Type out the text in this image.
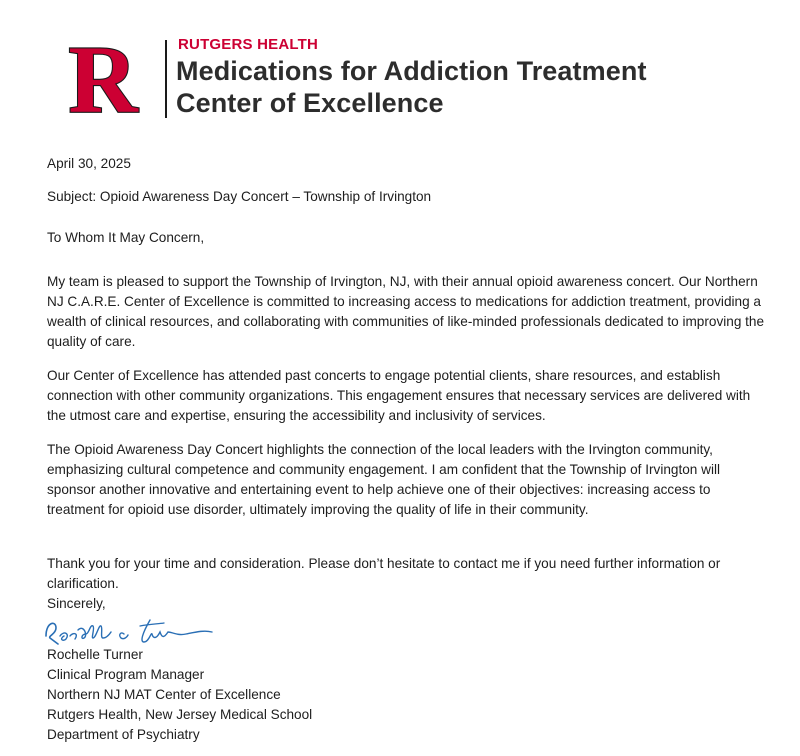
R	RUTGERS HEALTH
Medications for Addiction Treatment
Center of Excellence
April 30, 2025
Subject: Opioid Awareness Day Concert – Township of Irvington
To Whom It May Concern,

My team is pleased to support the Township of Irvington, NJ, with their annual opioid awareness concert. Our Northern NJ C.A.R.E. Center of Excellence is committed to increasing access to medications for addiction treatment, providing a wealth of clinical resources, and collaborating with communities of like-minded professionals dedicated to improving the quality of care.

Our Center of Excellence has attended past concerts to engage potential clients, share resources, and establish connection with other community organizations. This engagement ensures that necessary services are delivered with the utmost care and expertise, ensuring the accessibility and inclusivity of services.

The Opioid Awareness Day Concert highlights the connection of the local leaders with the Irvington community, emphasizing cultural competence and community engagement. I am confident that the Township of Irvington will sponsor another innovative and entertaining event to help achieve one of their objectives: increasing access to treatment for opioid use disorder, ultimately improving the quality of life in their community.

Thank you for your time and consideration. Please don’t hesitate to contact me if you need further information or clarification.

Sincerely,
Rochelle Turner
Clinical Program Manager
Northern NJ MAT Center of Excellence
Rutgers Health, New Jersey Medical School
Department of Psychiatry
